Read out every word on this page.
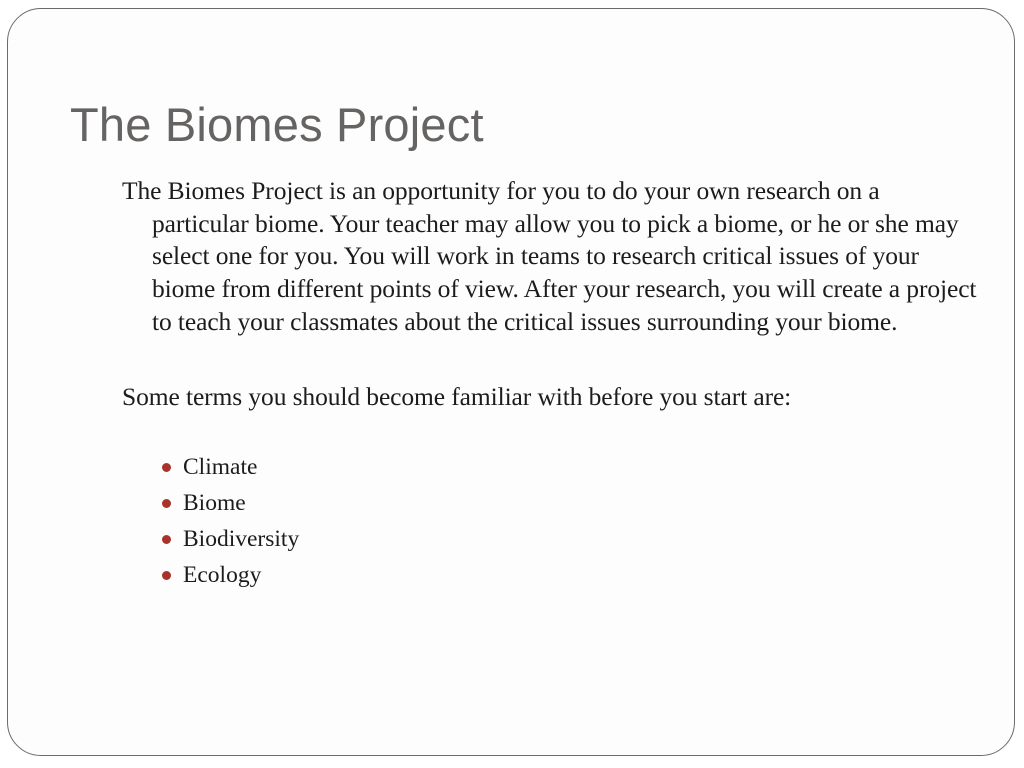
The Biomes Project

The Biomes Project is an opportunity for you to do your own research on a particular biome. Your teacher may allow you to pick a biome, or he or she may select one for you. You will work in teams to research critical issues of your biome from different points of view. After your research, you will create a project to teach your classmates about the critical issues surrounding your biome.

Some terms you should become familiar with before you start are:

Climate
Biome
Biodiversity
Ecology
